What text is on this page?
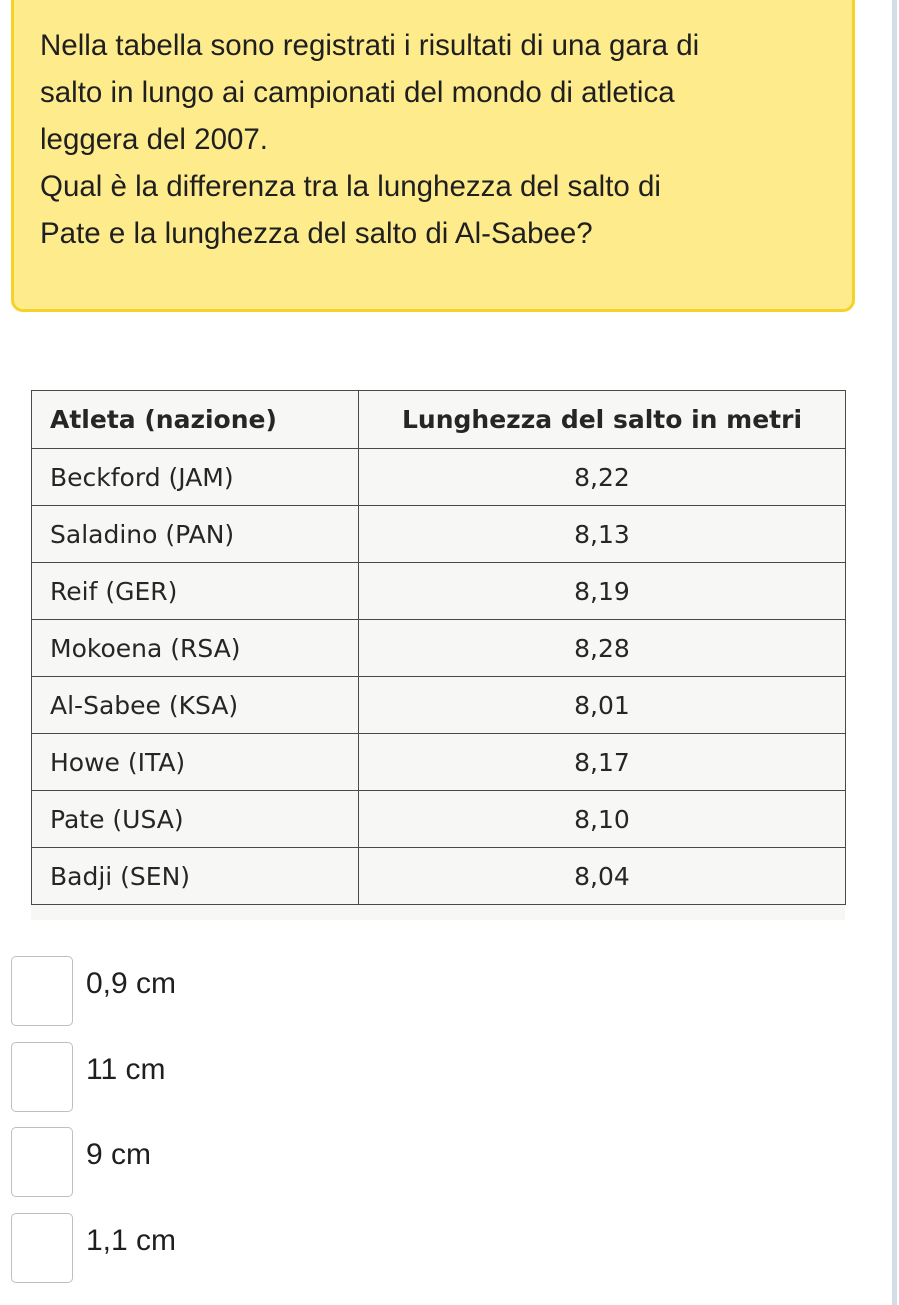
Nella tabella sono registrati i risultati di una gara di
salto in lungo ai campionati del mondo di atletica
leggera del 2007.
Qual è la differenza tra la lunghezza del salto di
Pate e la lunghezza del salto di Al-Sabee?

Atleta (nazione)	Lunghezza del salto in metri
Beckford (JAM)	8,22
Saladino (PAN)	8,13
Reif (GER)	8,19
Mokoena (RSA)	8,28
Al-Sabee (KSA)	8,01
Howe (ITA)	8,17
Pate (USA)	8,10
Badji (SEN)	8,04
0,9 cm
11 cm
9 cm
1,1 cm
